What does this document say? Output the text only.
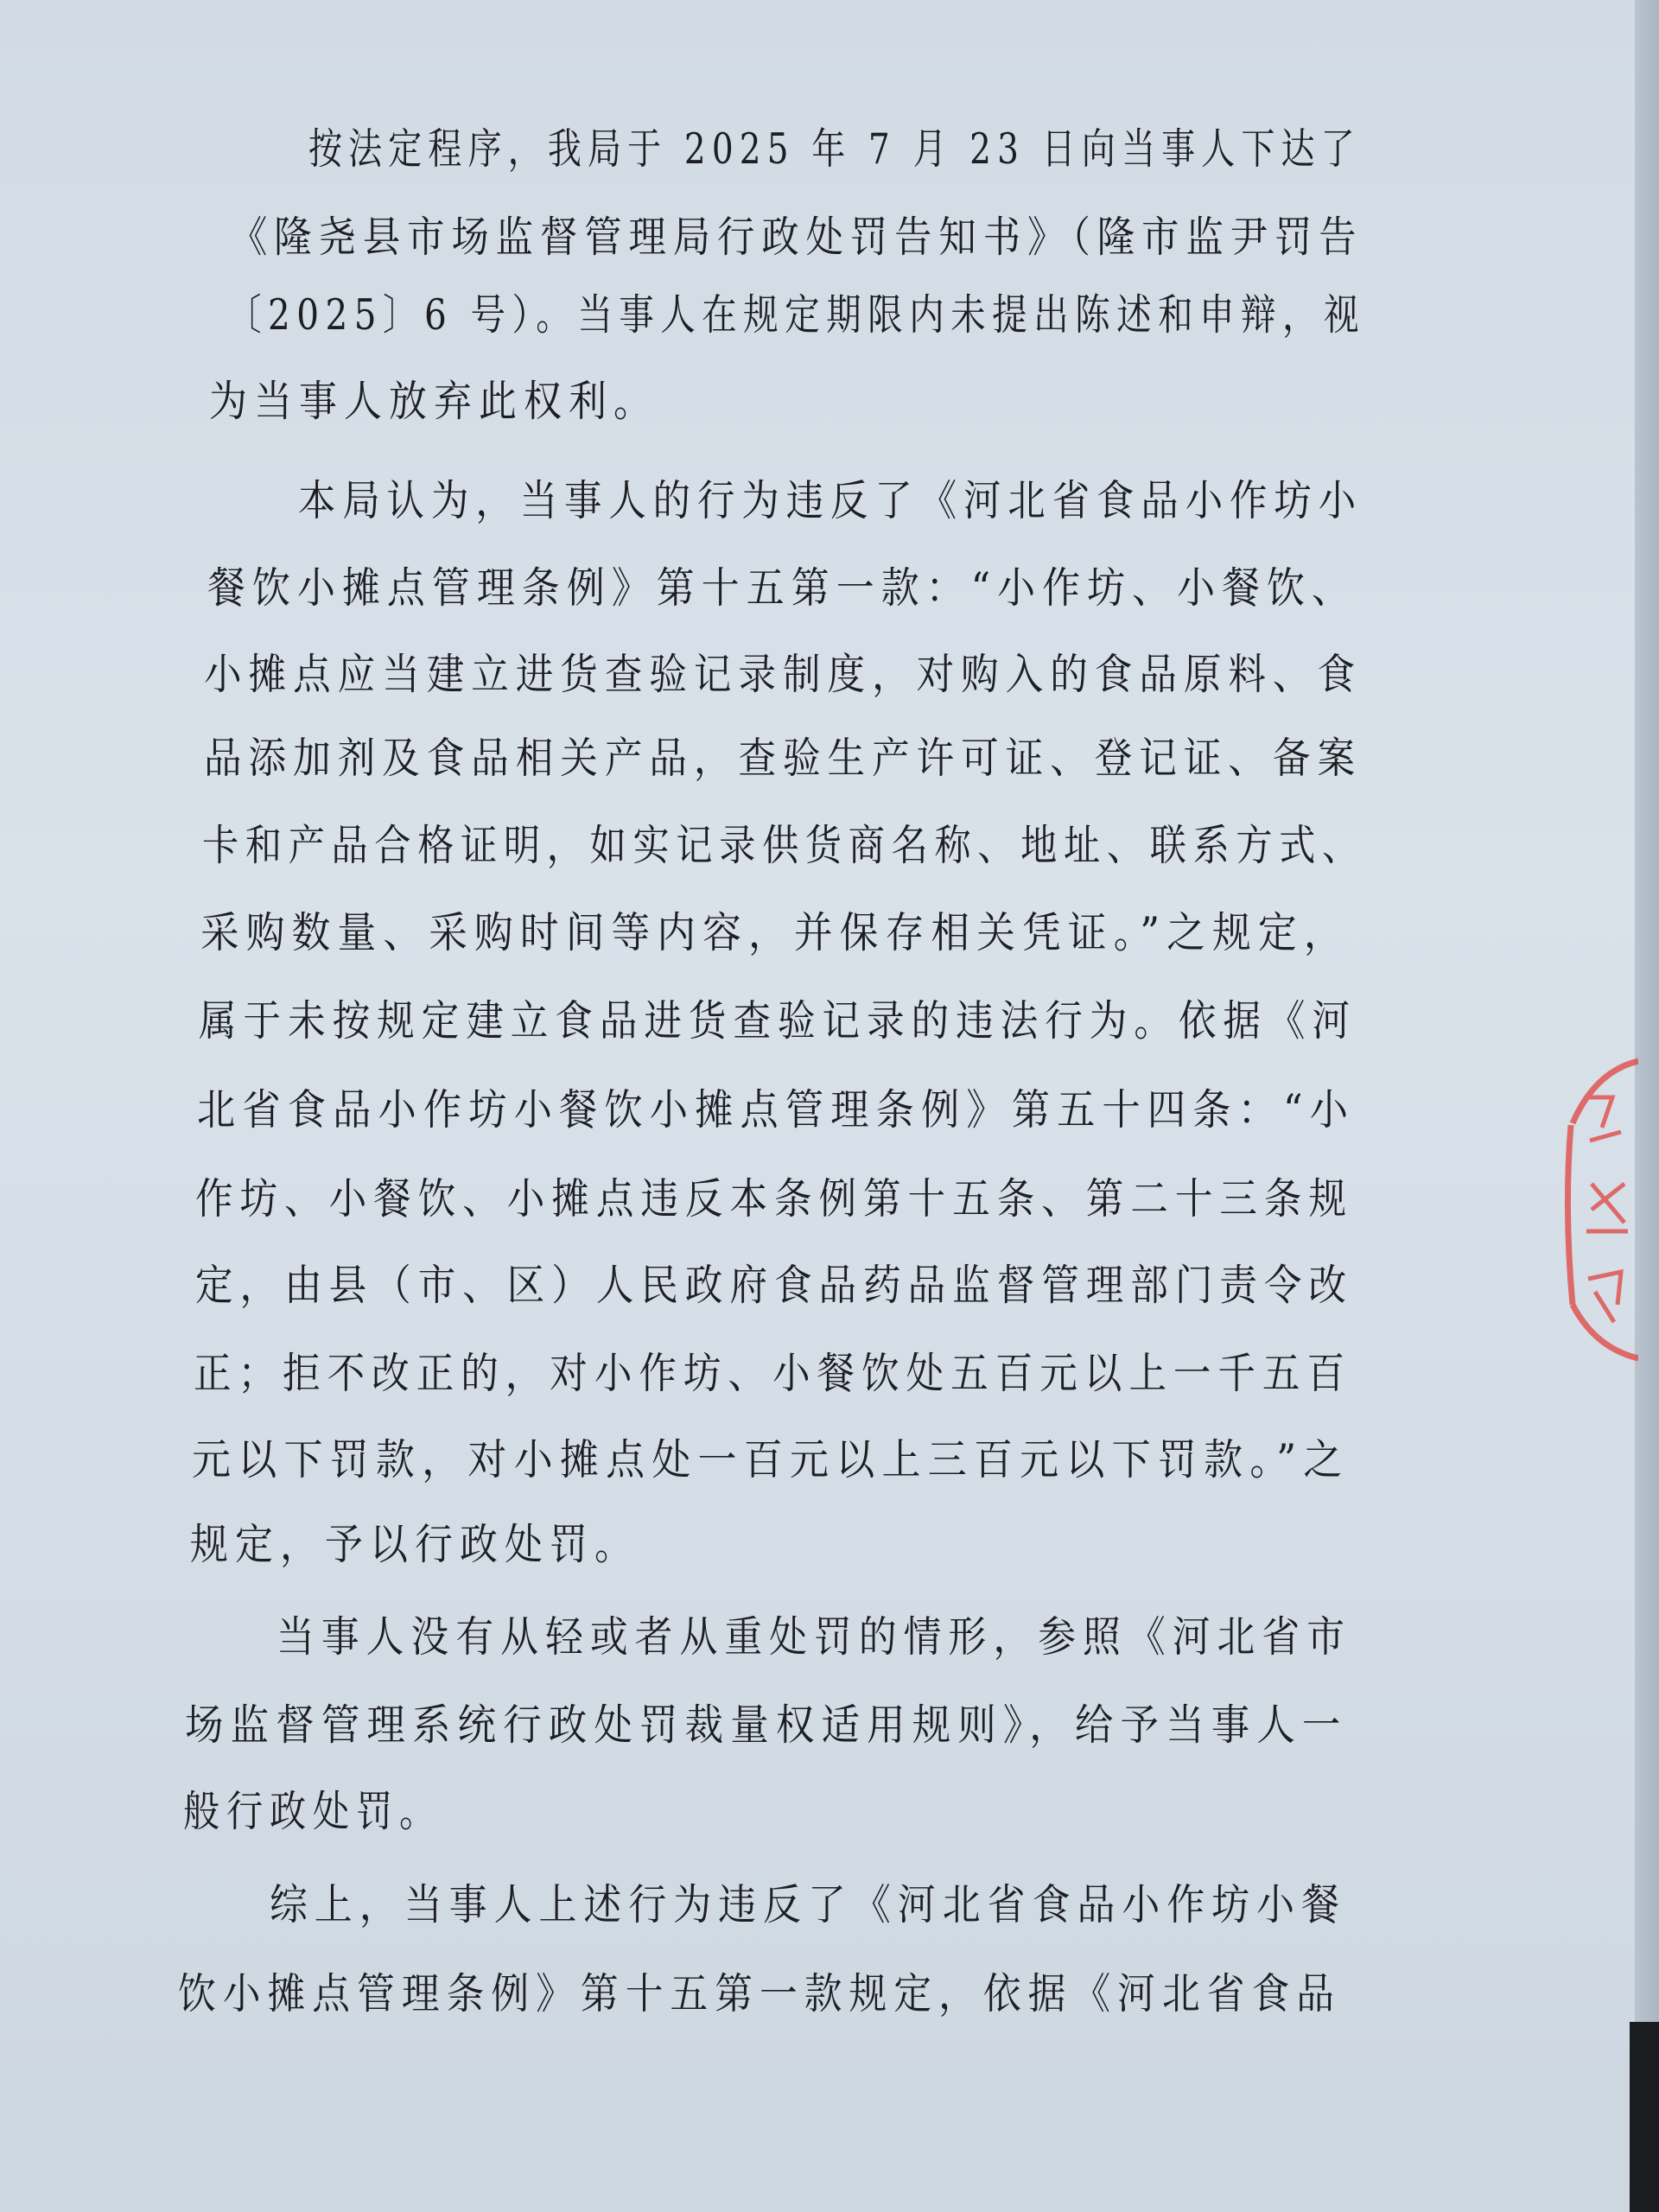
按法定程序，我局于 2025 年 7 月 23 日向当事人下达了
《隆尧县市场监督管理局行政处罚告知书》（隆市监尹罚告
〔2025〕6 号）。当事人在规定期限内未提出陈述和申辩，视
为当事人放弃此权利。
本局认为，当事人的行为违反了《河北省食品小作坊小
餐饮小摊点管理条例》第十五第一款：“小作坊、小餐饮、
小摊点应当建立进货查验记录制度，对购入的食品原料、食
品添加剂及食品相关产品，查验生产许可证、登记证、备案
卡和产品合格证明，如实记录供货商名称、地址、联系方式、
采购数量、采购时间等内容，并保存相关凭证。”之规定，
属于未按规定建立食品进货查验记录的违法行为。依据《河
北省食品小作坊小餐饮小摊点管理条例》第五十四条：“小
作坊、小餐饮、小摊点违反本条例第十五条、第二十三条规
定，由县（市、区）人民政府食品药品监督管理部门责令改
正；拒不改正的，对小作坊、小餐饮处五百元以上一千五百
元以下罚款，对小摊点处一百元以上三百元以下罚款。”之
规定，予以行政处罚。
当事人没有从轻或者从重处罚的情形，参照《河北省市
场监督管理系统行政处罚裁量权适用规则》，给予当事人一
般行政处罚。
综上，当事人上述行为违反了《河北省食品小作坊小餐
饮小摊点管理条例》第十五第一款规定，依据《河北省食品
